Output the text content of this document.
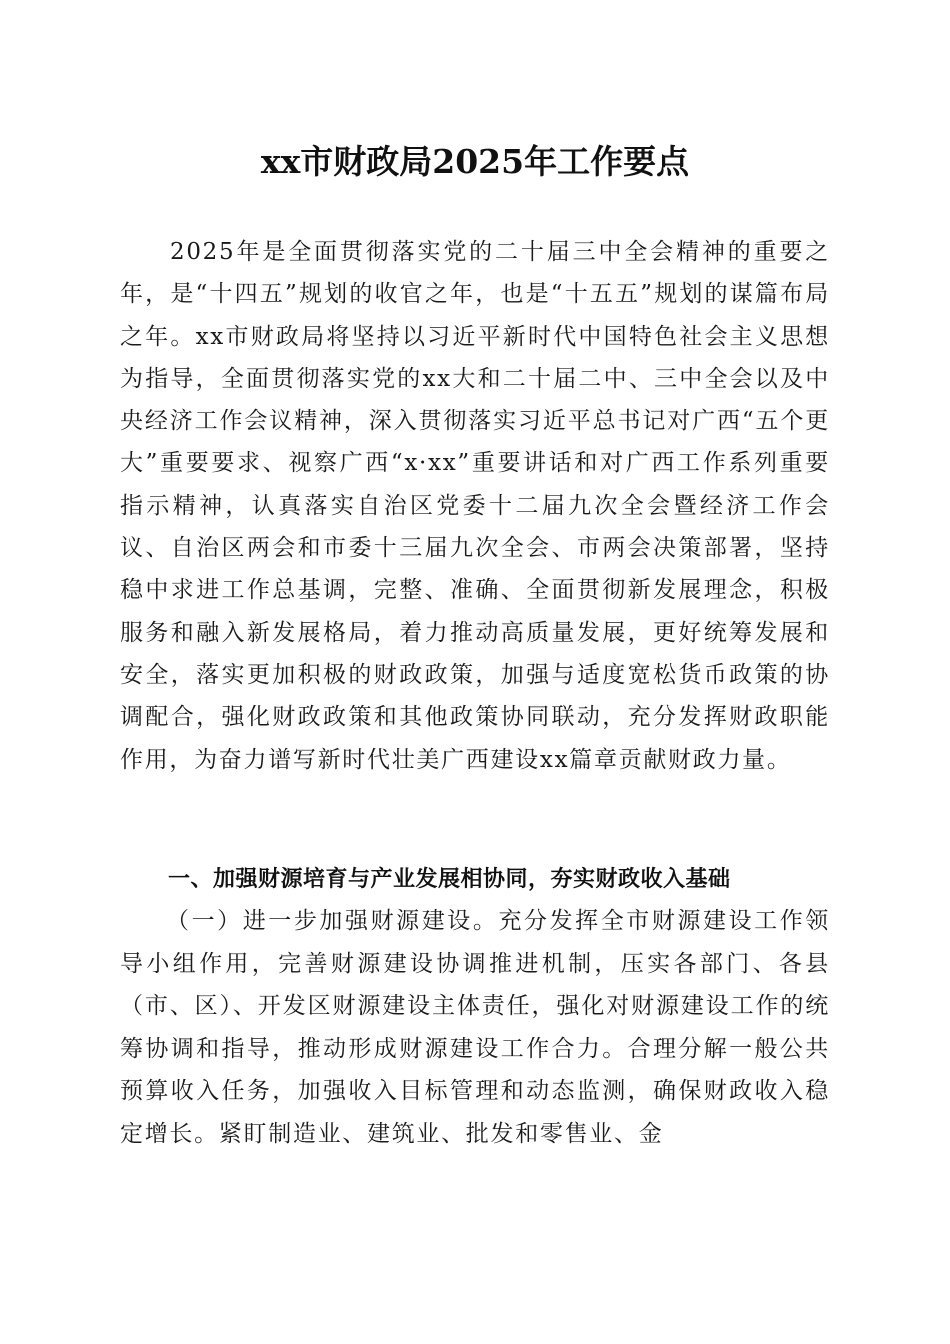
xx市财政局2025年工作要点

2025年是全面贯彻落实党的二十届三中全会精神的重要之年，是“十四五”规划的收官之年，也是“十五五”规划的谋篇布局之年。xx市财政局将坚持以习近平新时代中国特色社会主义思想为指导，全面贯彻落实党的xx大和二十届二中、三中全会以及中央经济工作会议精神，深入贯彻落实习近平总书记对广西“五个更大”重要要求、视察广西“x·xx”重要讲话和对广西工作系列重要指示精神，认真落实自治区党委十二届九次全会暨经济工作会议、自治区两会和市委十三届九次全会、市两会决策部署，坚持稳中求进工作总基调，完整、准确、全面贯彻新发展理念，积极服务和融入新发展格局，着力推动高质量发展，更好统筹发展和安全，落实更加积极的财政政策，加强与适度宽松货币政策的协调配合，强化财政政策和其他政策协同联动，充分发挥财政职能作用，为奋力谱写新时代壮美广西建设xx篇章贡献财政力量。

一、加强财源培育与产业发展相协同，夯实财政收入基础

（一）进一步加强财源建设。充分发挥全市财源建设工作领导小组作用，完善财源建设协调推进机制，压实各部门、各县（市、区）、开发区财源建设主体责任，强化对财源建设工作的统筹协调和指导，推动形成财源建设工作合力。合理分解一般公共预算收入任务，加强收入目标管理和动态监测，确保财政收入稳定增长。紧盯制造业、建筑业、批发和零售业、金
